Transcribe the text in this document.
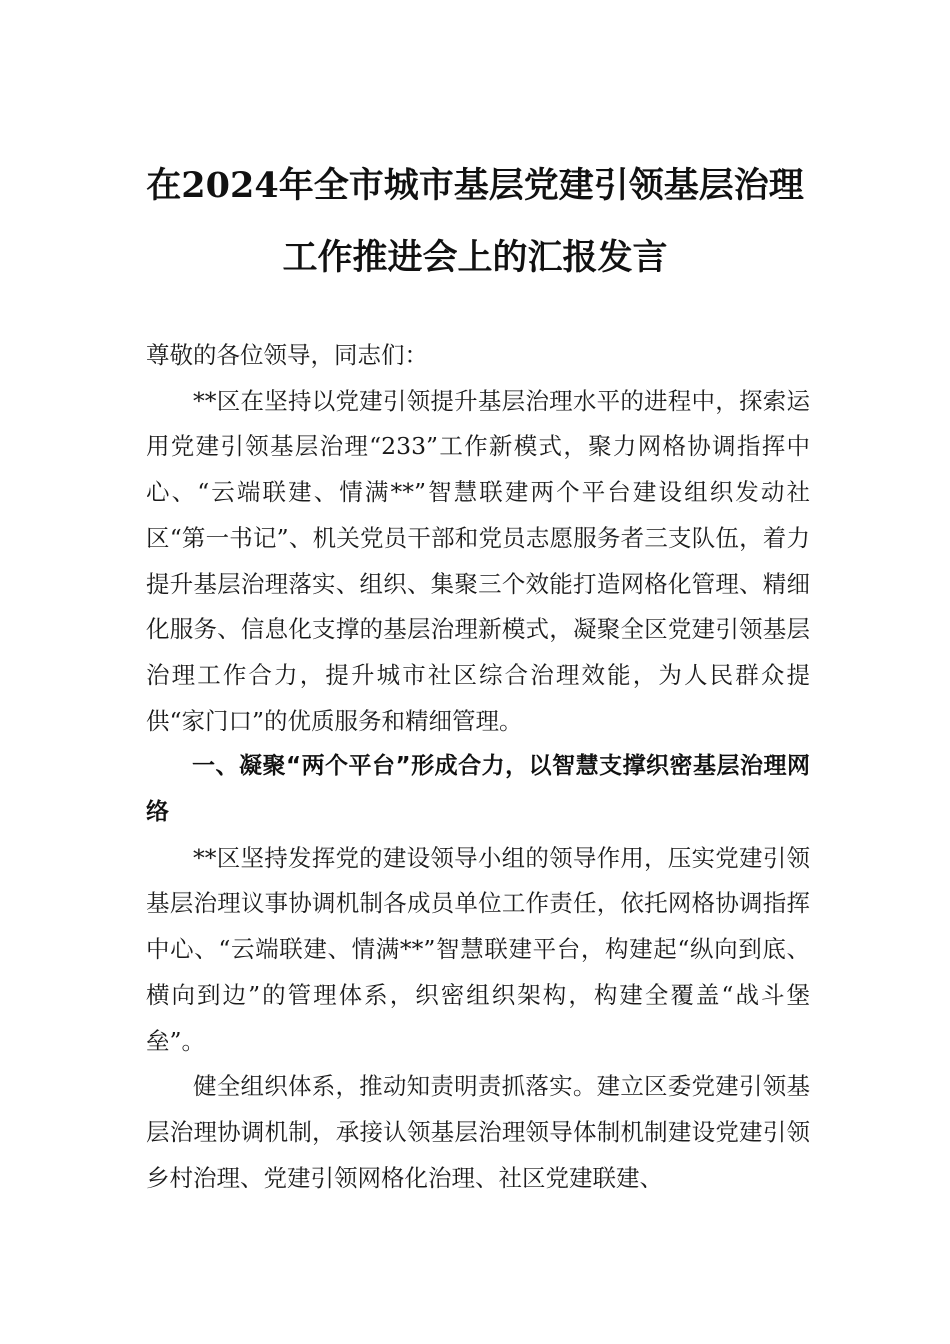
在2024年全市城市基层党建引领基层治理
工作推进会上的汇报发言

尊敬的各位领导，同志们：

**区在坚持以党建引领提升基层治理水平的进程中，探索运用党建引领基层治理“233”工作新模式，聚力网格协调指挥中心、“云端联建、情满**”智慧联建两个平台建设组织发动社区“第一书记”、机关党员干部和党员志愿服务者三支队伍，着力提升基层治理落实、组织、集聚三个效能打造网格化管理、精细化服务、信息化支撑的基层治理新模式，凝聚全区党建引领基层治理工作合力，提升城市社区综合治理效能，为人民群众提供“家门口”的优质服务和精细管理。

一、凝聚“两个平台”形成合力，以智慧支撑织密基层治理网络

**区坚持发挥党的建设领导小组的领导作用，压实党建引领基层治理议事协调机制各成员单位工作责任，依托网格协调指挥中心、“云端联建、情满**”智慧联建平台，构建起“纵向到底、横向到边”的管理体系，织密组织架构，构建全覆盖“战斗堡垒”。

健全组织体系，推动知责明责抓落实。建立区委党建引领基层治理协调机制，承接认领基层治理领导体制机制建设党建引领乡村治理、党建引领网格化治理、社区党建联建、
